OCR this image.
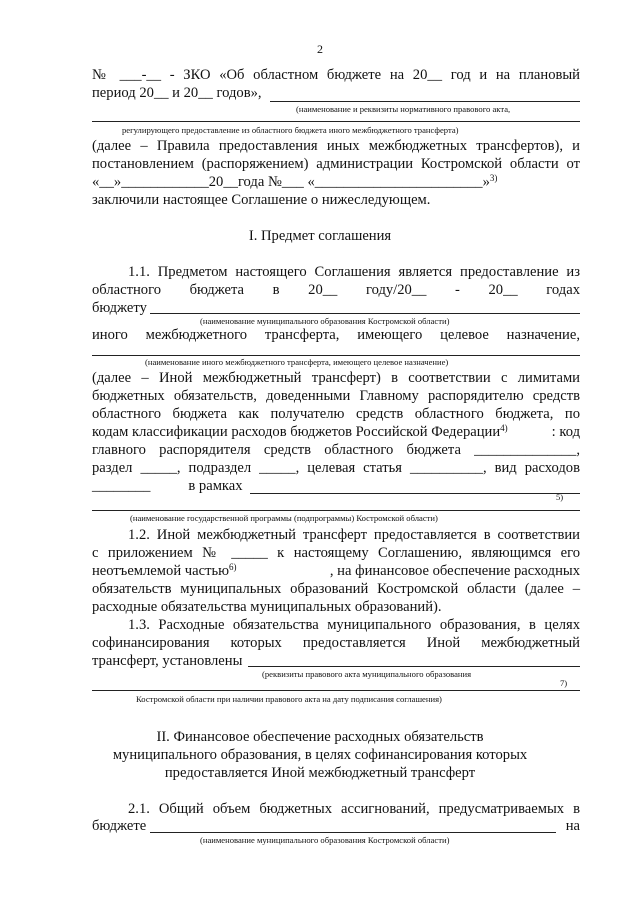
2
№ ___-__ - ЗКО «Об областном бюджете на 20__ год и на плановый
период 20__ и 20__ годов»,
(наименование и реквизиты нормативного правового акта,
регулирующего предоставление из областного бюджета иного межбюджетного трансферта)
(далее – Правила предоставления иных межбюджетных трансфертов), и
постановлением (распоряжением) администрации Костромской области от
«__»____________20__года №___ «_______________________»$^{3)}$
заключили настоящее Соглашение о нижеследующем.
I. Предмет соглашения
1.1. Предметом настоящего Соглашения является предоставление из
областного бюджета в 20__ году/20__ - 20__ годах
бюджету
(наименование муниципального образования Костромской области)
иного межбюджетного трансферта, имеющего целевое назначение,
(наименование иного межбюджетного трансферта, имеющего целевое назначение)
(далее – Иной межбюджетный трансферт) в соответствии с лимитами
бюджетных обязательств, доведенными Главному распорядителю средств
областного бюджета как получателю средств областного бюджета, по
кодам классификации расходов бюджетов Российской Федерации$^{4)}$	: код
главного распорядителя средств областного бюджета ______________,
раздел _____, подраздел _____, целевая статья __________, вид расходов
________	в рамках
5)
(наименование государственной программы (подпрограммы) Костромской области)
1.2. Иной межбюджетный трансферт предоставляется в соответствии
с приложением № _____ к настоящему Соглашению, являющимся его
неотъемлемой частью$^{6)}$	, на финансовое обеспечение расходных
обязательств муниципальных образований Костромской области (далее –
расходные обязательства муниципальных образований).
1.3. Расходные обязательства муниципального образования, в целях
софинансирования которых предоставляется Иной межбюджетный
трансферт, установлены
(реквизиты правового акта муниципального образования
7)
Костромской области при наличии правового акта на дату подписания соглашения)
II. Финансовое обеспечение расходных обязательств
муниципального образования, в целях софинансирования которых
предоставляется Иной межбюджетный трансферт
2.1. Общий объем бюджетных ассигнований, предусматриваемых в
бюджете	на
(наименование муниципального образования Костромской области)
